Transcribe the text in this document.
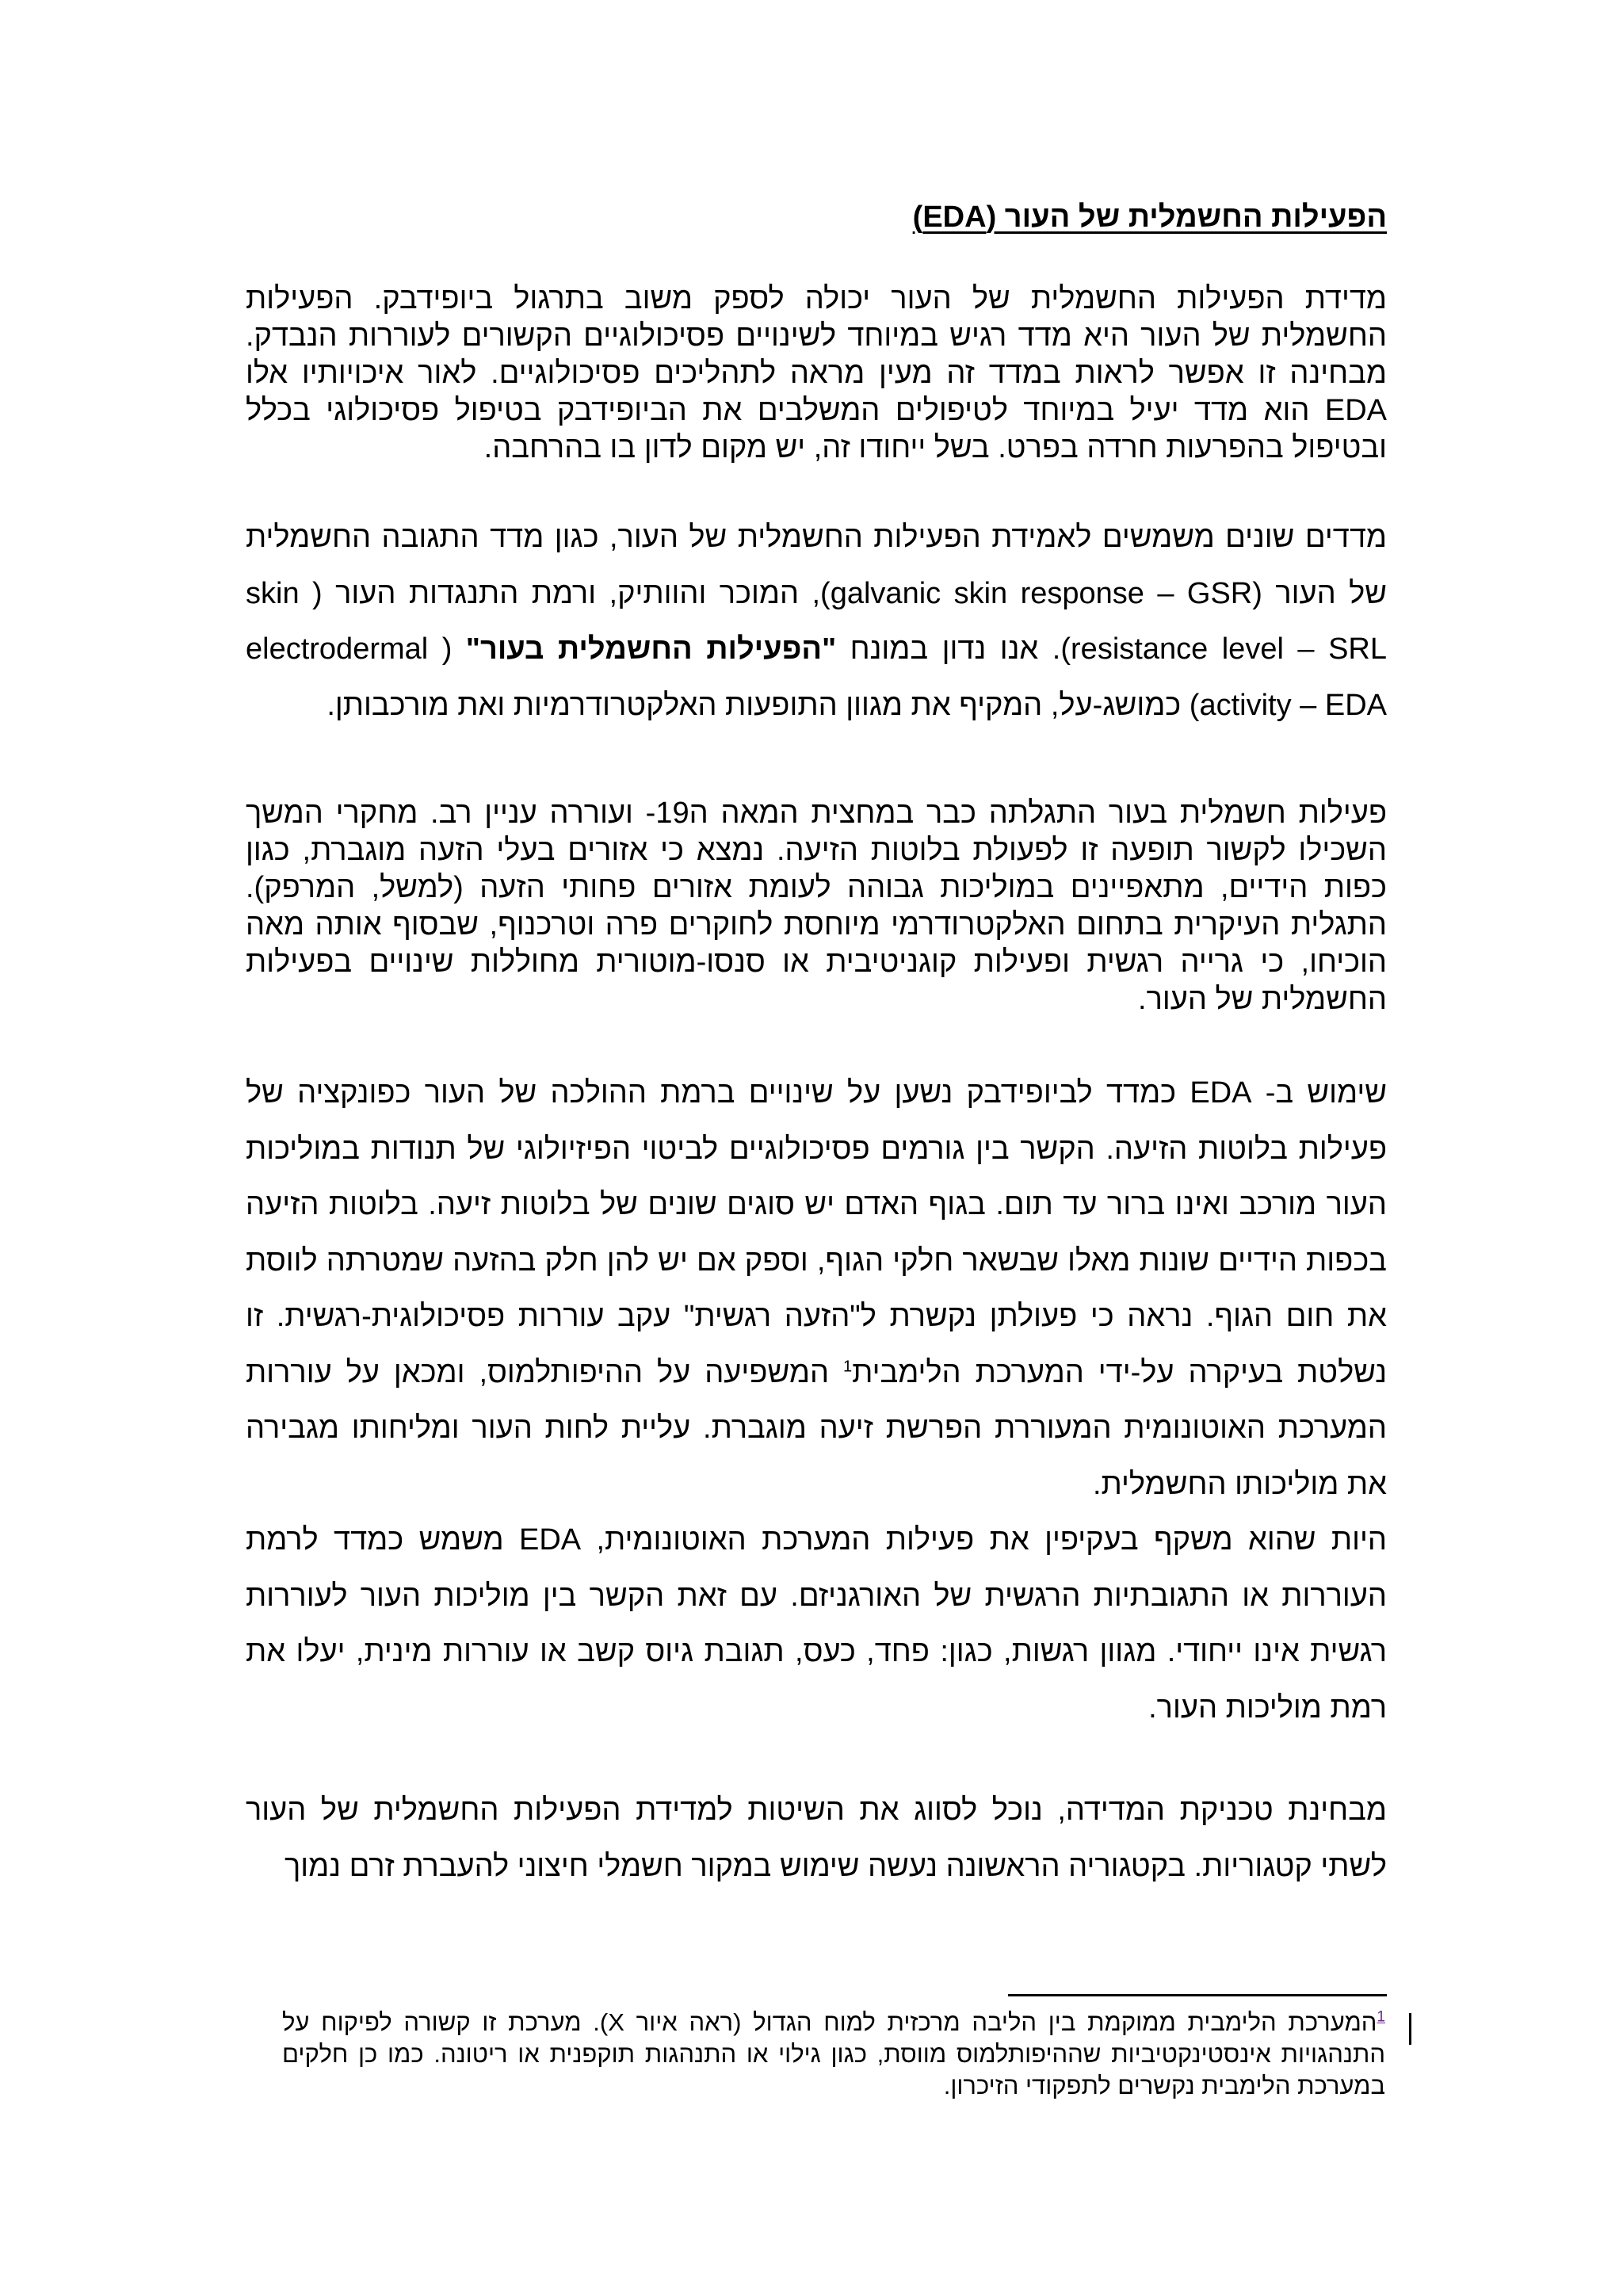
הפעילות החשמלית של העור (EDA)

מדידת הפעילות החשמלית של העור יכולה לספק משוב בתרגול ביופידבק. הפעילות החשמלית של העור היא מדד רגיש במיוחד לשינויים פסיכולוגיים הקשורים לעוררות הנבדק. מבחינה זו אפשר לראות במדד זה מעין מראה לתהליכים פסיכולוגיים. לאור איכויותיו אלו EDA הוא מדד יעיל במיוחד לטיפולים המשלבים את הביופידבק בטיפול פסיכולוגי בכלל ובטיפול בהפרעות חרדה בפרט. בשל ייחודו זה, יש מקום לדון בו בהרחבה.

מדדים שונים משמשים לאמידת הפעילות החשמלית של העור, כגון מדד התגובה החשמלית של העור (galvanic skin response – GSR), המוכר והוותיק, ורמת התנגדות העור ( skin resistance level – SRL). אנו נדון במונח "הפעילות החשמלית בעור" ( electrodermal activity – EDA) כמושג-על, המקיף את מגוון התופעות האלקטרודרמיות ואת מורכבותן.

פעילות חשמלית בעור התגלתה כבר במחצית המאה ה19- ועוררה עניין רב. מחקרי המשך השכילו לקשור תופעה זו לפעולת בלוטות הזיעה. נמצא כי אזורים בעלי הזעה מוגברת, כגון כפות הידיים, מתאפיינים במוליכות גבוהה לעומת אזורים פחותי הזעה (למשל, המרפק). התגלית העיקרית בתחום האלקטרודרמי מיוחסת לחוקרים פרה וטרכנוף, שבסוף אותה מאה הוכיחו, כי גרייה רגשית ופעילות קוגניטיבית או סנסו-מוטורית מחוללות שינויים בפעילות החשמלית של העור.

שימוש ב- EDA כמדד לביופידבק נשען על שינויים ברמת ההולכה של העור כפונקציה של פעילות בלוטות הזיעה. הקשר בין גורמים פסיכולוגיים לביטוי הפיזיולוגי של תנודות במוליכות העור מורכב ואינו ברור עד תום. בגוף האדם יש סוגים שונים של בלוטות זיעה. בלוטות הזיעה בכפות הידיים שונות מאלו שבשאר חלקי הגוף, וספק אם יש להן חלק בהזעה שמטרתה לווסת את חום הגוף. נראה כי פעולתן נקשרת ל"הזעה רגשית" עקב עוררות פסיכולוגית-רגשית. זו נשלטת בעיקרה על-ידי המערכת הלימבית$^1$ המשפיעה על ההיפותלמוס, ומכאן על עוררות המערכת האוטונומית המעוררת הפרשת זיעה מוגברת. עליית לחות העור ומליחותו מגבירה את מוליכותו החשמלית.

היות שהוא משקף בעקיפין את פעילות המערכת האוטונומית, EDA משמש כמדד לרמת העוררות או התגובתיות הרגשית של האורגניזם. עם זאת הקשר בין מוליכות העור לעוררות רגשית אינו ייחודי. מגוון רגשות, כגון: פחד, כעס, תגובת גיוס קשב או עוררות מינית, יעלו את רמת מוליכות העור.

מבחינת טכניקת המדידה, נוכל לסווג את השיטות למדידת הפעילות החשמלית של העור לשתי קטגוריות. בקטגוריה הראשונה נעשה שימוש במקור חשמלי חיצוני להעברת זרם נמוך

$^1$המערכת הלימבית ממוקמת בין הליבה מרכזית למוח הגדול (ראה איור X). מערכת זו קשורה לפיקוח על התנהגויות אינסטינקטיביות שההיפותלמוס מווסת, כגון גילוי או התנהגות תוקפנית או ריטונה. כמו כן חלקים במערכת הלימבית נקשרים לתפקודי הזיכרון.
